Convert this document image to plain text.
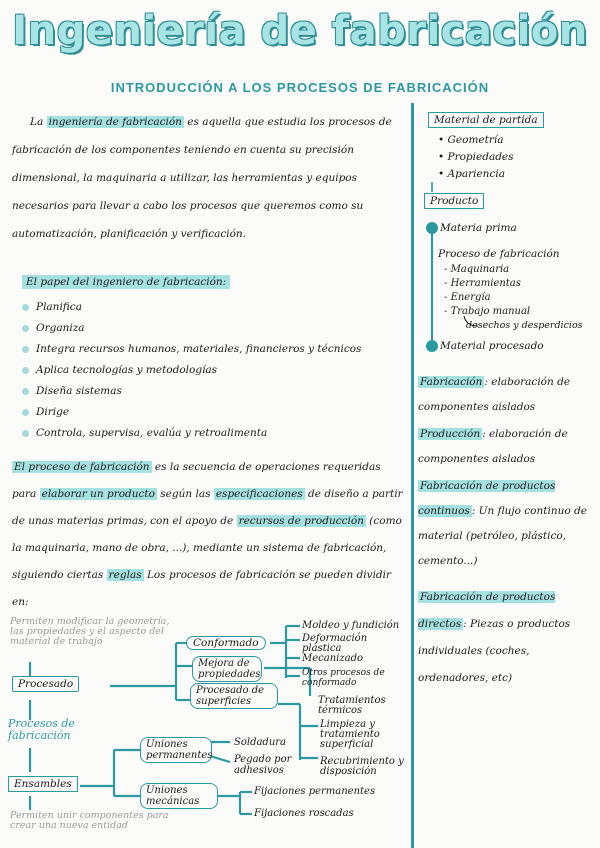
Ingeniería de fabricación
INTRODUCCIÓN A LOS PROCESOS DE FABRICACIÓN
La ingeniería de fabricación es aquella que estudia los procesos de fabricación de los componentes teniendo en cuenta su precisión dimensional, la maquinaria a utilizar, las herramientas y equipos necesarios para llevar a cabo los procesos que queremos como su automatización, planificación y verificación.
El papel del ingeniero de fabricación:
Planifica
Organiza
Integra recursos humanos, materiales, financieros y técnicos
Aplica tecnologías y metodologías
Diseña sistemas
Dirige
Controla, supervisa, evalúa y retroalimenta
El proceso de fabricación es la secuencia de operaciones requeridas para elaborar un producto según las especificaciones de diseño a partir de unas materias primas, con el apoyo de recursos de producción (como la maquinaria, mano de obra, ...), mediante un sistema de fabricación, siguiendo ciertas reglas Los procesos de fabricación se pueden dividir en:
Material de partida
• Geometría
• Propiedades
• Apariencia
Producto
Materia prima
Proceso de fabricación
- Maquinaria
- Herramientas
- Energía
- Trabajo manual
desechos y desperdicios
Material procesado
Fabricación : elaboración de componentes aislados
Producción : elaboración de componentes aislados
Fabricación de productos continuos : Un flujo continuo de material (petróleo, plástico, cemento...)
Fabricación de productos directos : Piezas o productos individuales (coches, ordenadores, etc)
Permiten modificar la geometría, las propiedades y el aspecto del material de trabajo
Procesado
Procesos de fabricación
Ensambles
Permiten unir componentes para crear una nueva entidad
Conformado
Mejora de propiedades
Procesado de superficies
Moldeo y fundición
Deformación plástica
Mecanizado
Otros procesos de conformado
Tratamientos térmicos
Limpieza y tratamiento superficial
Recubrimiento y disposición
Uniones permanentes
Uniones mecánicas
Soldadura
Pegado por adhesivos
Fijaciones permanentes
Fijaciones roscadas
